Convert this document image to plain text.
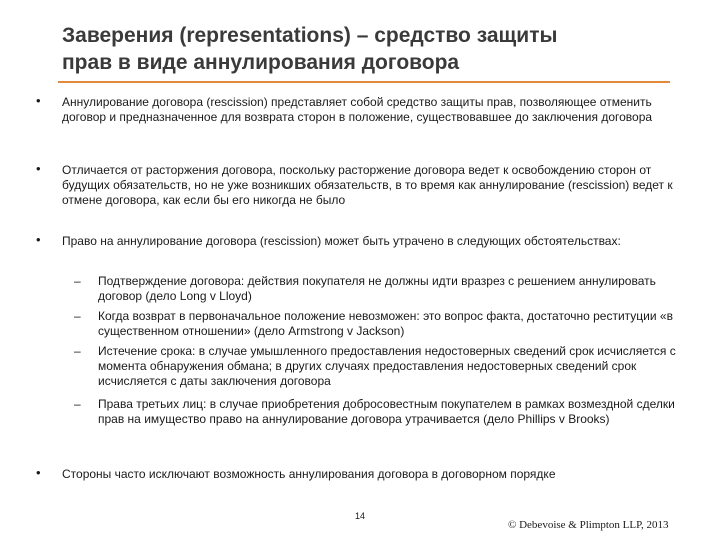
Заверения (representations) – средство защиты
прав в виде аннулирования договора
• Аннулирование договора (rescission) представляет собой средство защиты прав, позволяющее отменить договор и предназначенное для возврата сторон в положение, существовавшее до заключения договора
• Отличается от расторжения договора, поскольку расторжение договора ведет к освобождению сторон от будущих обязательств, но не уже возникших обязательств, в то время как аннулирование (rescission) ведет к отмене договора, как если бы его никогда не было
• Право на аннулирование договора (rescission) может быть утрачено в следующих обстоятельствах:
– Подтверждение договора: действия покупателя не должны идти вразрез с решением аннулировать договор (дело Long v Lloyd)
– Когда возврат в первоначальное положение невозможен: это вопрос факта, достаточно реституции «в существенном отношении» (дело Armstrong v Jackson)
– Истечение срока: в случае умышленного предоставления недостоверных сведений срок исчисляется с момента обнаружения обмана; в других случаях предоставления недостоверных сведений срок исчисляется с даты заключения договора
– Права третьих лиц: в случае приобретения добросовестным покупателем в рамках возмездной сделки прав на имущество право на аннулирование договора утрачивается (дело Phillips v Brooks)
• Стороны часто исключают возможность аннулирования договора в договорном порядке
14
© Debevoise & Plimpton LLP, 2013
